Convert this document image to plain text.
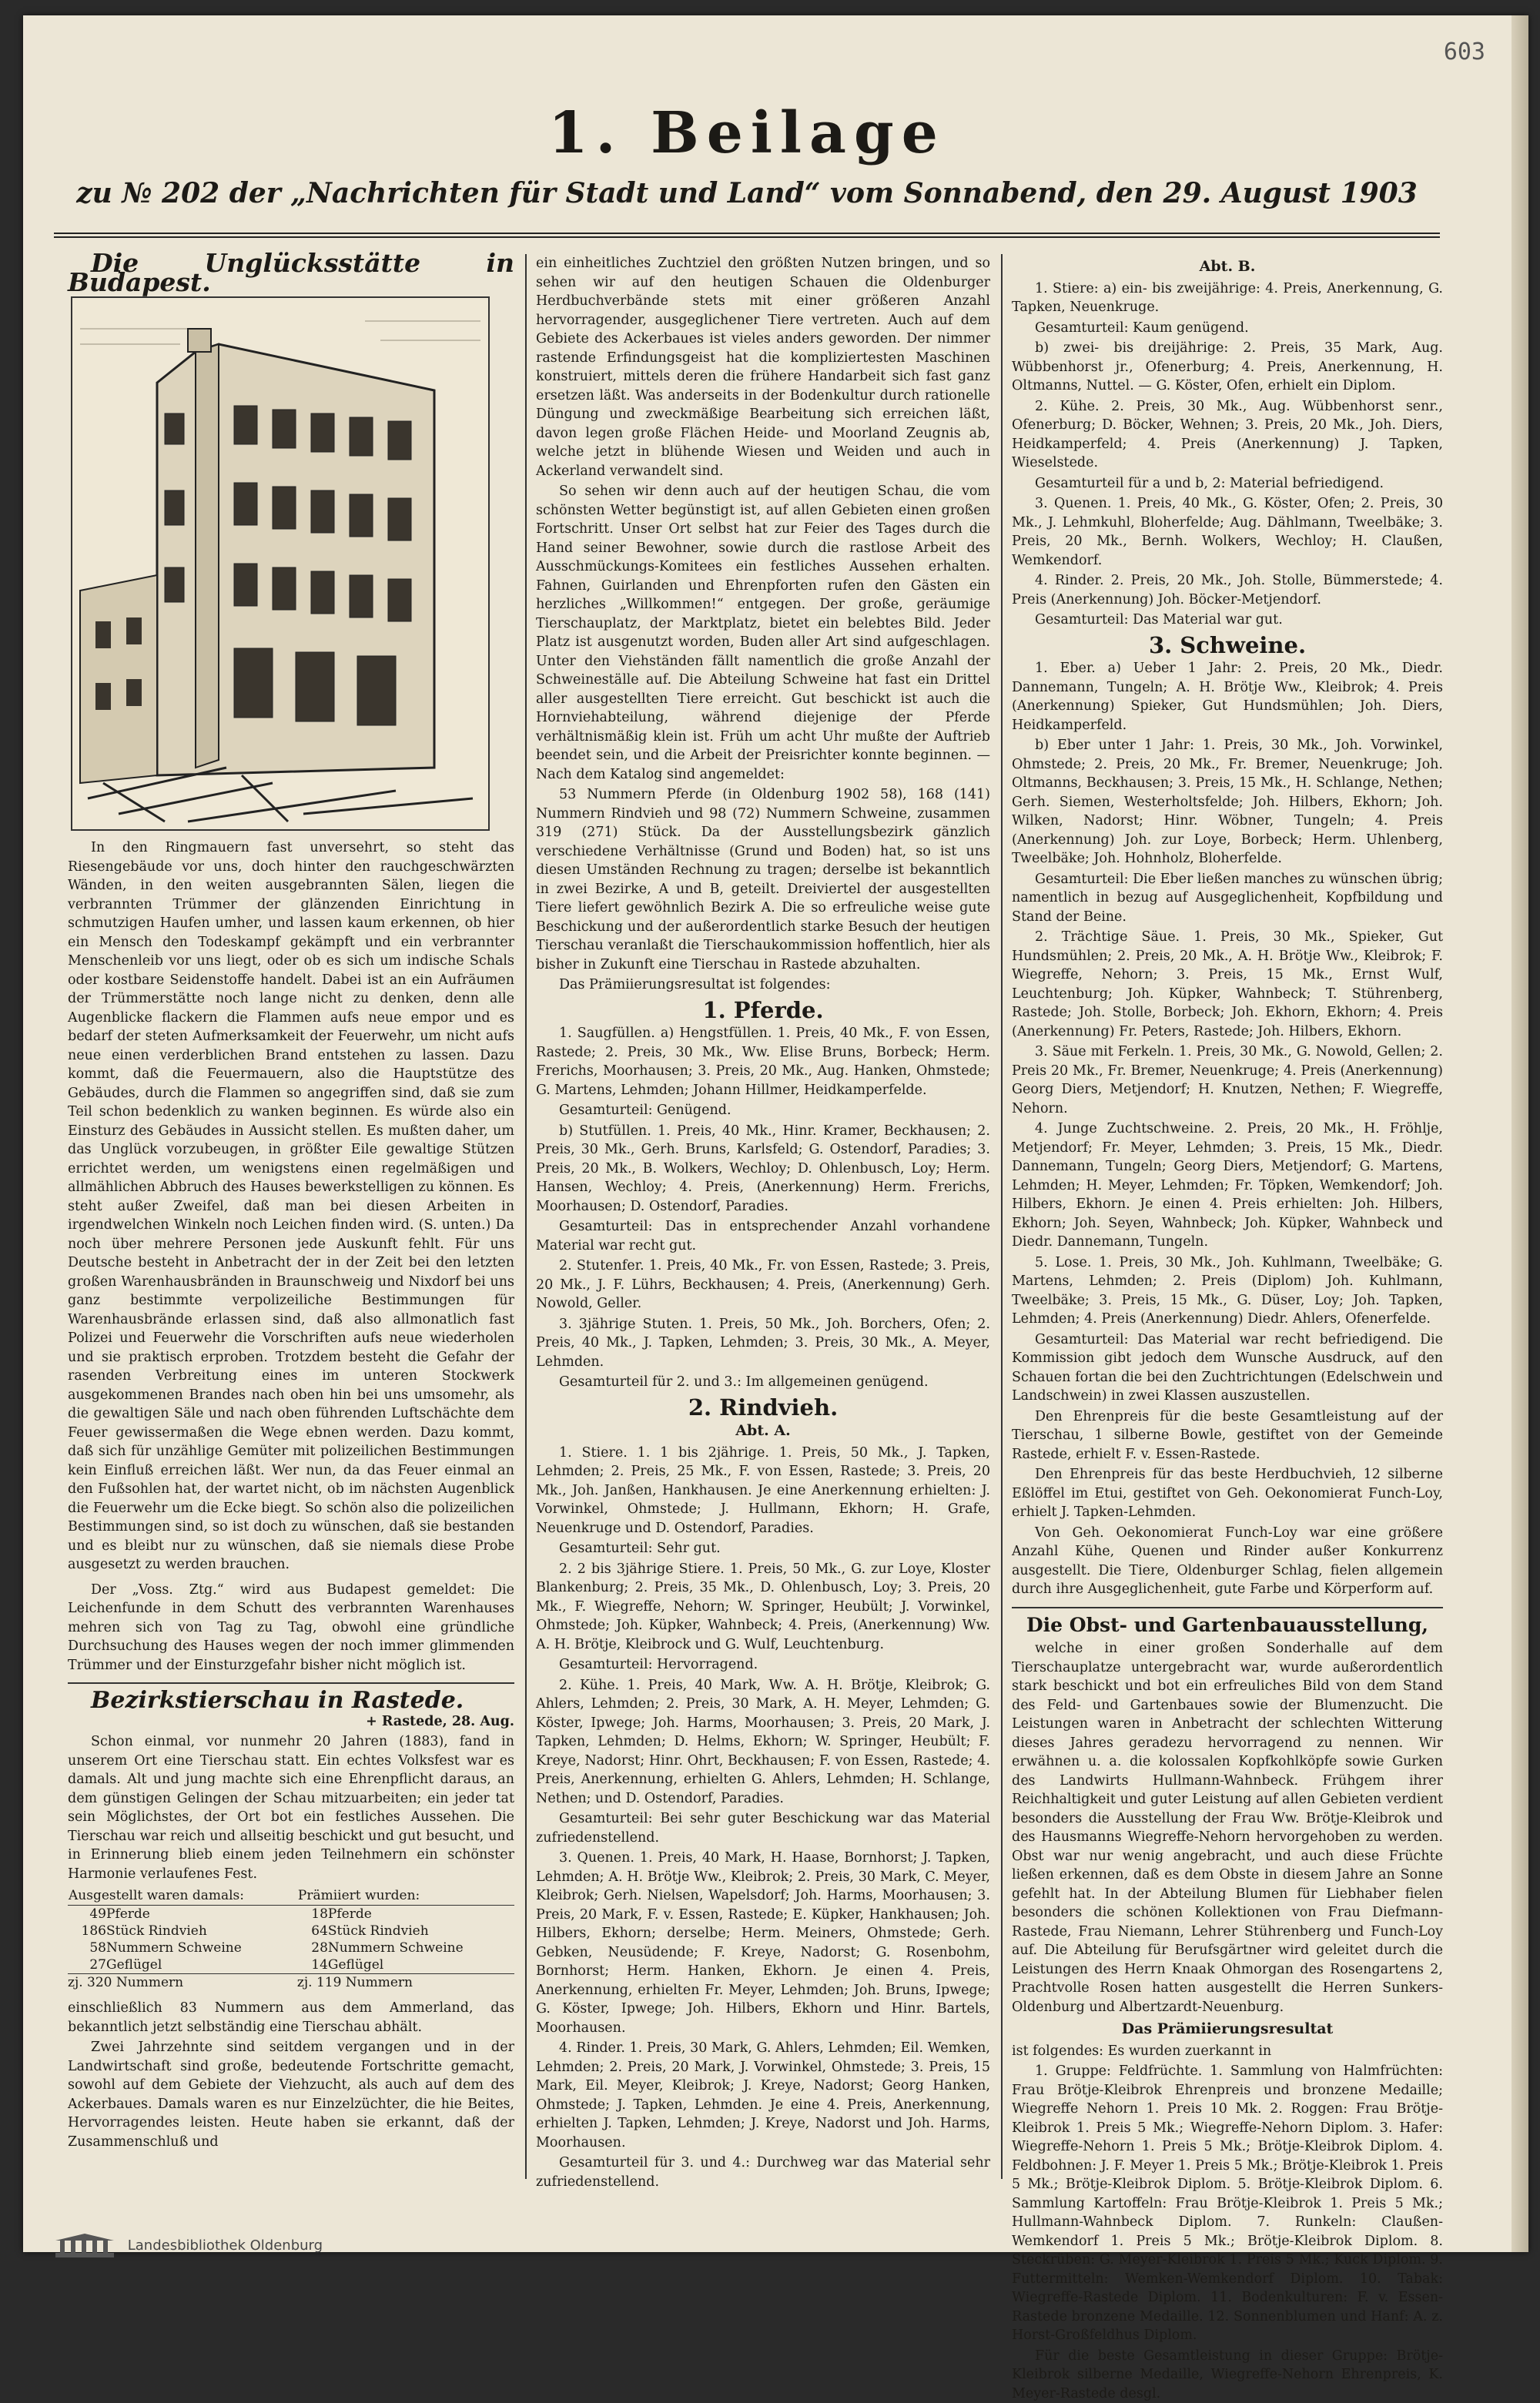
603
1. Beilage
zu № 202 der „Nachrichten für Stadt und Land“ vom Sonnabend, den 29. August 1903

Die Unglücksstätte in Budapest.

In den Ringmauern fast unversehrt, so steht das Riesengebäude vor uns, doch hinter den rauchgeschwärzten Wänden, in den weiten ausgebrannten Sälen, liegen die verbrannten Trümmer der glänzenden Einrichtung in schmutzigen Haufen umher, und lassen kaum erkennen, ob hier ein Mensch den Todeskampf gekämpft und ein verbrannter Menschenleib vor uns liegt, oder ob es sich um indische Schals oder kostbare Seidenstoffe handelt. Dabei ist an ein Aufräumen der Trümmerstätte noch lange nicht zu denken, denn alle Augenblicke flackern die Flammen aufs neue empor und es bedarf der steten Aufmerksamkeit der Feuerwehr, um nicht aufs neue einen verderblichen Brand entstehen zu lassen. Dazu kommt, daß die Feuermauern, also die Hauptstütze des Gebäudes, durch die Flammen so angegriffen sind, daß sie zum Teil schon bedenklich zu wanken beginnen. Es würde also ein Einsturz des Gebäudes in Aussicht stellen. Es mußten daher, um das Unglück vorzubeugen, in größter Eile gewaltige Stützen errichtet werden, um wenigstens einen regelmäßigen und allmählichen Abbruch des Hauses bewerkstelligen zu können. Es steht außer Zweifel, daß man bei diesen Arbeiten in irgendwelchen Winkeln noch Leichen finden wird. (S. unten.) Da noch über mehrere Personen jede Auskunft fehlt. Für uns Deutsche besteht in Anbetracht der in der Zeit bei den letzten großen Warenhausbränden in Braunschweig und Nixdorf bei uns ganz bestimmte verpolizeiliche Bestimmungen für Warenhausbrände erlassen sind, daß also allmonatlich fast Polizei und Feuerwehr die Vorschriften aufs neue wiederholen und sie praktisch erproben. Trotzdem besteht die Gefahr der rasenden Verbreitung eines im unteren Stockwerk ausgekommenen Brandes nach oben hin bei uns umsomehr, als die gewaltigen Säle und nach oben führenden Luftschächte dem Feuer gewissermaßen die Wege ebnen werden. Dazu kommt, daß sich für unzählige Gemüter mit polizeilichen Bestimmungen kein Einfluß erreichen läßt. Wer nun, da das Feuer einmal an den Fußsohlen hat, der wartet nicht, ob im nächsten Augenblick die Feuerwehr um die Ecke biegt. So schön also die polizeilichen Bestimmungen sind, so ist doch zu wünschen, daß sie bestanden und es bleibt nur zu wünschen, daß sie niemals diese Probe ausgesetzt zu werden brauchen.

Der „Voss. Ztg.“ wird aus Budapest gemeldet: Die Leichenfunde in dem Schutt des verbrannten Warenhauses mehren sich von Tag zu Tag, obwohl eine gründliche Durchsuchung des Hauses wegen der noch immer glimmenden Trümmer und der Einsturzgefahr bisher nicht möglich ist.

Bezirkstierschau in Rastede.

+ Rastede, 28. Aug.

Schon einmal, vor nunmehr 20 Jahren (1883), fand in unserem Ort eine Tierschau statt. Ein echtes Volksfest war es damals. Alt und jung machte sich eine Ehrenpflicht daraus, an dem günstigen Gelingen der Schau mitzuarbeiten; ein jeder tat sein Möglichstes, der Ort bot ein festliches Aussehen. Die Tierschau war reich und allseitig beschickt und gut besucht, und in Erinnerung blieb einem jeden Teilnehmern ein schönster Harmonie verlaufenes Fest.

Ausgestellt waren damals:		Prämiiert wurden:	
49	Pferde	18	Pferde
186	Stück Rindvieh	64	Stück Rindvieh
58	Nummern Schweine	28	Nummern Schweine
27	Geflügel	14	Geflügel
zj. 320 Nummern		zj. 119 Nummern	

einschließlich 83 Nummern aus dem Ammerland, das bekanntlich jetzt selbständig eine Tierschau abhält.

Zwei Jahrzehnte sind seitdem vergangen und in der Landwirtschaft sind große, bedeutende Fortschritte gemacht, sowohl auf dem Gebiete der Viehzucht, als auch auf dem des Ackerbaues. Damals waren es nur Einzelzüchter, die hie Beites, Hervorragendes leisten. Heute haben sie erkannt, daß der Zusammenschluß und

ein einheitliches Zuchtziel den größten Nutzen bringen, und so sehen wir auf den heutigen Schauen die Oldenburger Herdbuchverbände stets mit einer größeren Anzahl hervorragender, ausgeglichener Tiere vertreten. Auch auf dem Gebiete des Ackerbaues ist vieles anders geworden. Der nimmer rastende Erfindungsgeist hat die kompliziertesten Maschinen konstruiert, mittels deren die frühere Handarbeit sich fast ganz ersetzen läßt. Was anderseits in der Bodenkultur durch rationelle Düngung und zweckmäßige Bearbeitung sich erreichen läßt, davon legen große Flächen Heide- und Moorland Zeugnis ab, welche jetzt in blühende Wiesen und Weiden und auch in Ackerland verwandelt sind.

So sehen wir denn auch auf der heutigen Schau, die vom schönsten Wetter begünstigt ist, auf allen Gebieten einen großen Fortschritt. Unser Ort selbst hat zur Feier des Tages durch die Hand seiner Bewohner, sowie durch die rastlose Arbeit des Ausschmückungs-Komitees ein festliches Aussehen erhalten. Fahnen, Guirlanden und Ehrenpforten rufen den Gästen ein herzliches „Willkommen!“ entgegen. Der große, geräumige Tierschauplatz, der Marktplatz, bietet ein belebtes Bild. Jeder Platz ist ausgenutzt worden, Buden aller Art sind aufgeschlagen. Unter den Viehständen fällt namentlich die große Anzahl der Schweineställe auf. Die Abteilung Schweine hat fast ein Drittel aller ausgestellten Tiere erreicht. Gut beschickt ist auch die Hornviehabteilung, während diejenige der Pferde verhältnismäßig klein ist. Früh um acht Uhr mußte der Auftrieb beendet sein, und die Arbeit der Preisrichter konnte beginnen. — Nach dem Katalog sind angemeldet:

53 Nummern Pferde (in Oldenburg 1902 58), 168 (141) Nummern Rindvieh und 98 (72) Nummern Schweine, zusammen 319 (271) Stück. Da der Ausstellungsbezirk gänzlich verschiedene Verhältnisse (Grund und Boden) hat, so ist uns diesen Umständen Rechnung zu tragen; derselbe ist bekanntlich in zwei Bezirke, A und B, geteilt. Dreiviertel der ausgestellten Tiere liefert gewöhnlich Bezirk A. Die so erfreuliche weise gute Beschickung und der außerordentlich starke Besuch der heutigen Tierschau veranlaßt die Tierschaukommission hoffentlich, hier als bisher in Zukunft eine Tierschau in Rastede abzuhalten.

Das Prämiierungsresultat ist folgendes:

1. Pferde.

1. Saugfüllen. a) Hengstfüllen. 1. Preis, 40 Mk., F. von Essen, Rastede; 2. Preis, 30 Mk., Ww. Elise Bruns, Borbeck; Herm. Frerichs, Moorhausen; 3. Preis, 20 Mk., Aug. Hanken, Ohmstede; G. Martens, Lehmden; Johann Hillmer, Heidkamperfelde.

Gesamturteil: Genügend.

b) Stutfüllen. 1. Preis, 40 Mk., Hinr. Kramer, Beckhausen; 2. Preis, 30 Mk., Gerh. Bruns, Karlsfeld; G. Ostendorf, Paradies; 3. Preis, 20 Mk., B. Wolkers, Wechloy; D. Ohlenbusch, Loy; Herm. Hansen, Wechloy; 4. Preis, (Anerkennung) Herm. Frerichs, Moorhausen; D. Ostendorf, Paradies.

Gesamturteil: Das in entsprechender Anzahl vorhandene Material war recht gut.

2. Stutenfer. 1. Preis, 40 Mk., Fr. von Essen, Rastede; 3. Preis, 20 Mk., J. F. Lührs, Beckhausen; 4. Preis, (Anerkennung) Gerh. Nowold, Geller.

3. 3jährige Stuten. 1. Preis, 50 Mk., Joh. Borchers, Ofen; 2. Preis, 40 Mk., J. Tapken, Lehmden; 3. Preis, 30 Mk., A. Meyer, Lehmden.

Gesamturteil für 2. und 3.: Im allgemeinen genügend.

2. Rindvieh.
Abt. A.

1. Stiere. 1. 1 bis 2jährige. 1. Preis, 50 Mk., J. Tapken, Lehmden; 2. Preis, 25 Mk., F. von Essen, Rastede; 3. Preis, 20 Mk., Joh. Janßen, Hankhausen. Je eine Anerkennung erhielten: J. Vorwinkel, Ohmstede; J. Hullmann, Ekhorn; H. Grafe, Neuenkruge und D. Ostendorf, Paradies.

Gesamturteil: Sehr gut.

2. 2 bis 3jährige Stiere. 1. Preis, 50 Mk., G. zur Loye, Kloster Blankenburg; 2. Preis, 35 Mk., D. Ohlenbusch, Loy; 3. Preis, 20 Mk., F. Wiegreffe, Nehorn; W. Springer, Heubült; J. Vorwinkel, Ohmstede; Joh. Küpker, Wahnbeck; 4. Preis, (Anerkennung) Ww. A. H. Brötje, Kleibrock und G. Wulf, Leuchtenburg.

Gesamturteil: Hervorragend.

2. Kühe. 1. Preis, 40 Mark, Ww. A. H. Brötje, Kleibrok; G. Ahlers, Lehmden; 2. Preis, 30 Mark, A. H. Meyer, Lehmden; G. Köster, Ipwege; Joh. Harms, Moorhausen; 3. Preis, 20 Mark, J. Tapken, Lehmden; D. Helms, Ekhorn; W. Springer, Heubült; F. Kreye, Nadorst; Hinr. Ohrt, Beckhausen; F. von Essen, Rastede; 4. Preis, Anerkennung, erhielten G. Ahlers, Lehmden; H. Schlange, Nethen; und D. Ostendorf, Paradies.

Gesamturteil: Bei sehr guter Beschickung war das Material zufriedenstellend.

3. Quenen. 1. Preis, 40 Mark, H. Haase, Bornhorst; J. Tapken, Lehmden; A. H. Brötje Ww., Kleibrok; 2. Preis, 30 Mark, C. Meyer, Kleibrok; Gerh. Nielsen, Wapelsdorf; Joh. Harms, Moorhausen; 3. Preis, 20 Mark, F. v. Essen, Rastede; E. Küpker, Hankhausen; Joh. Hilbers, Ekhorn; derselbe; Herm. Meiners, Ohmstede; Gerh. Gebken, Neusüdende; F. Kreye, Nadorst; G. Rosenbohm, Bornhorst; Herm. Hanken, Ekhorn. Je einen 4. Preis, Anerkennung, erhielten Fr. Meyer, Lehmden; Joh. Bruns, Ipwege; G. Köster, Ipwege; Joh. Hilbers, Ekhorn und Hinr. Bartels, Moorhausen.

4. Rinder. 1. Preis, 30 Mark, G. Ahlers, Lehmden; Eil. Wemken, Lehmden; 2. Preis, 20 Mark, J. Vorwinkel, Ohmstede; 3. Preis, 15 Mark, Eil. Meyer, Kleibrok; J. Kreye, Nadorst; Georg Hanken, Ohmstede; J. Tapken, Lehmden. Je eine 4. Preis, Anerkennung, erhielten J. Tapken, Lehmden; J. Kreye, Nadorst und Joh. Harms, Moorhausen.

Gesamturteil für 3. und 4.: Durchweg war das Material sehr zufriedenstellend.

Abt. B.

1. Stiere: a) ein- bis zweijährige: 4. Preis, Anerkennung, G. Tapken, Neuenkruge.

Gesamturteil: Kaum genügend.

b) zwei- bis dreijährige: 2. Preis, 35 Mark, Aug. Wübbenhorst jr., Ofenerburg; 4. Preis, Anerkennung, H. Oltmanns, Nuttel. — G. Köster, Ofen, erhielt ein Diplom.

2. Kühe. 2. Preis, 30 Mk., Aug. Wübbenhorst senr., Ofenerburg; D. Böcker, Wehnen; 3. Preis, 20 Mk., Joh. Diers, Heidkamperfeld; 4. Preis (Anerkennung) J. Tapken, Wieselstede.

Gesamturteil für a und b, 2: Material befriedigend.

3. Quenen. 1. Preis, 40 Mk., G. Köster, Ofen; 2. Preis, 30 Mk., J. Lehmkuhl, Bloherfelde; Aug. Dählmann, Tweelbäke; 3. Preis, 20 Mk., Bernh. Wolkers, Wechloy; H. Claußen, Wemkendorf.

4. Rinder. 2. Preis, 20 Mk., Joh. Stolle, Bümmerstede; 4. Preis (Anerkennung) Joh. Böcker-Metjendorf.

Gesamturteil: Das Material war gut.

3. Schweine.

1. Eber. a) Ueber 1 Jahr: 2. Preis, 20 Mk., Diedr. Dannemann, Tungeln; A. H. Brötje Ww., Kleibrok; 4. Preis (Anerkennung) Spieker, Gut Hundsmühlen; Joh. Diers, Heidkamperfeld.

b) Eber unter 1 Jahr: 1. Preis, 30 Mk., Joh. Vorwinkel, Ohmstede; 2. Preis, 20 Mk., Fr. Bremer, Neuenkruge; Joh. Oltmanns, Beckhausen; 3. Preis, 15 Mk., H. Schlange, Nethen; Gerh. Siemen, Westerholtsfelde; Joh. Hilbers, Ekhorn; Joh. Wilken, Nadorst; Hinr. Wöbner, Tungeln; 4. Preis (Anerkennung) Joh. zur Loye, Borbeck; Herm. Uhlenberg, Tweelbäke; Joh. Hohnholz, Bloherfelde.

Gesamturteil: Die Eber ließen manches zu wünschen übrig; namentlich in bezug auf Ausgeglichenheit, Kopfbildung und Stand der Beine.

2. Trächtige Säue. 1. Preis, 30 Mk., Spieker, Gut Hundsmühlen; 2. Preis, 20 Mk., A. H. Brötje Ww., Kleibrok; F. Wiegreffe, Nehorn; 3. Preis, 15 Mk., Ernst Wulf, Leuchtenburg; Joh. Küpker, Wahnbeck; T. Stührenberg, Rastede; Joh. Stolle, Borbeck; Joh. Ekhorn, Ekhorn; 4. Preis (Anerkennung) Fr. Peters, Rastede; Joh. Hilbers, Ekhorn.

3. Säue mit Ferkeln. 1. Preis, 30 Mk., G. Nowold, Gellen; 2. Preis 20 Mk., Fr. Bremer, Neuenkruge; 4. Preis (Anerkennung) Georg Diers, Metjendorf; H. Knutzen, Nethen; F. Wiegreffe, Nehorn.

4. Junge Zuchtschweine. 2. Preis, 20 Mk., H. Fröhlje, Metjendorf; Fr. Meyer, Lehmden; 3. Preis, 15 Mk., Diedr. Dannemann, Tungeln; Georg Diers, Metjendorf; G. Martens, Lehmden; H. Meyer, Lehmden; Fr. Töpken, Wemkendorf; Joh. Hilbers, Ekhorn. Je einen 4. Preis erhielten: Joh. Hilbers, Ekhorn; Joh. Seyen, Wahnbeck; Joh. Küpker, Wahnbeck und Diedr. Dannemann, Tungeln.

5. Lose. 1. Preis, 30 Mk., Joh. Kuhlmann, Tweelbäke; G. Martens, Lehmden; 2. Preis (Diplom) Joh. Kuhlmann, Tweelbäke; 3. Preis, 15 Mk., G. Düser, Loy; Joh. Tapken, Lehmden; 4. Preis (Anerkennung) Diedr. Ahlers, Ofenerfelde.

Gesamturteil: Das Material war recht befriedigend. Die Kommission gibt jedoch dem Wunsche Ausdruck, auf den Schauen fortan die bei den Zuchtrichtungen (Edelschwein und Landschwein) in zwei Klassen auszustellen.

Den Ehrenpreis für die beste Gesamtleistung auf der Tierschau, 1 silberne Bowle, gestiftet von der Gemeinde Rastede, erhielt F. v. Essen-Rastede.

Den Ehrenpreis für das beste Herdbuchvieh, 12 silberne Eßlöffel im Etui, gestiftet von Geh. Oekonomierat Funch-Loy, erhielt J. Tapken-Lehmden.

Von Geh. Oekonomierat Funch-Loy war eine größere Anzahl Kühe, Quenen und Rinder außer Konkurrenz ausgestellt. Die Tiere, Oldenburger Schlag, fielen allgemein durch ihre Ausgeglichenheit, gute Farbe und Körperform auf.

Die Obst- und Gartenbauausstellung,

welche in einer großen Sonderhalle auf dem Tierschauplatze untergebracht war, wurde außerordentlich stark beschickt und bot ein erfreuliches Bild von dem Stand des Feld- und Gartenbaues sowie der Blumenzucht. Die Leistungen waren in Anbetracht der schlechten Witterung dieses Jahres geradezu hervorragend zu nennen. Wir erwähnen u. a. die kolossalen Kopfkohlköpfe sowie Gurken des Landwirts Hullmann-Wahnbeck. Frühgem ihrer Reichhaltigkeit und guter Leistung auf allen Gebieten verdient besonders die Ausstellung der Frau Ww. Brötje-Kleibrok und des Hausmanns Wiegreffe-Nehorn hervorgehoben zu werden. Obst war nur wenig angebracht, und auch diese Früchte ließen erkennen, daß es dem Obste in diesem Jahre an Sonne gefehlt hat. In der Abteilung Blumen für Liebhaber fielen besonders die schönen Kollektionen von Frau Diefmann-Rastede, Frau Niemann, Lehrer Stührenberg und Funch-Loy auf. Die Abteilung für Berufsgärtner wird geleitet durch die Leistungen des Herrn Knaak Ohmorgan des Rosengartens 2, Prachtvolle Rosen hatten ausgestellt die Herren Sunkers-Oldenburg und Albertzardt-Neuenburg.

Das Prämiierungsresultat

ist folgendes: Es wurden zuerkannt in

1. Gruppe: Feldfrüchte. 1. Sammlung von Halmfrüchten: Frau Brötje-Kleibrok Ehrenpreis und bronzene Medaille; Wiegreffe Nehorn 1. Preis 10 Mk. 2. Roggen: Frau Brötje-Kleibrok 1. Preis 5 Mk.; Wiegreffe-Nehorn Diplom. 3. Hafer: Wiegreffe-Nehorn 1. Preis 5 Mk.; Brötje-Kleibrok Diplom. 4. Feldbohnen: J. F. Meyer 1. Preis 5 Mk.; Brötje-Kleibrok 1. Preis 5 Mk.; Brötje-Kleibrok Diplom. 5. Brötje-Kleibrok Diplom. 6. Sammlung Kartoffeln: Frau Brötje-Kleibrok 1. Preis 5 Mk.; Hullmann-Wahnbeck Diplom. 7. Runkeln: Claußen-Wemkendorf 1. Preis 5 Mk.; Brötje-Kleibrok Diplom. 8. Steckrüben: G. Meyer-Kleibrok 1. Preis 5 Mk.; Kuck Diplom. 9. Futtermitteln: Wemken-Wemkendorf Diplom. 10. Tabak: Wiegreffe-Rastede Diplom. 11. Bodenkulturen: F. v. Essen-Rastede bronzene Medaille. 12. Sonnenblumen und Hanf: A. z. Horst-Großfeldhus Diplom.

Für die beste Gesamtleistung in dieser Gruppe: Brötje-Kleibrok silberne Medaille, Wiegreffe-Nehorn Ehrenpreis, K. Meyer-Rastede desgl.

Landesbibliothek Oldenburg
